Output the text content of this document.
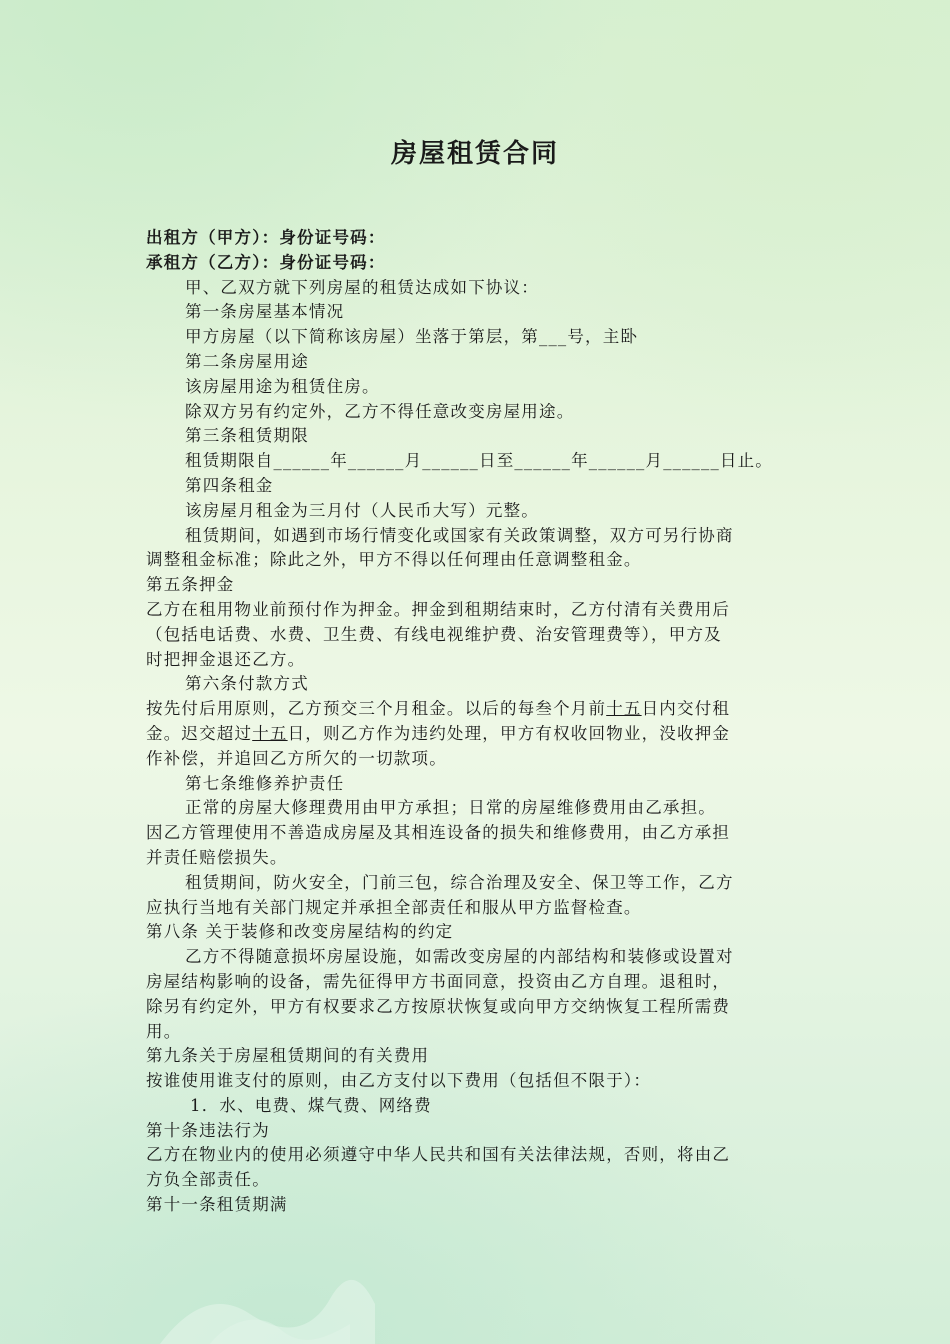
房屋租赁合同
出租方（甲方）：身份证号码：
承租方（乙方）：身份证号码：
甲、乙双方就下列房屋的租赁达成如下协议：
第一条房屋基本情况
甲方房屋（以下简称该房屋）坐落于第层，第___号，主卧
第二条房屋用途
该房屋用途为租赁住房。
除双方另有约定外，乙方不得任意改变房屋用途。
第三条租赁期限
租赁期限自______年______月______日至______年______月______日止。
第四条租金
该房屋月租金为三月付（人民币大写）元整。
租赁期间，如遇到市场行情变化或国家有关政策调整，双方可另行协商
调整租金标准；除此之外，甲方不得以任何理由任意调整租金。
第五条押金
乙方在租用物业前预付作为押金。押金到租期结束时，乙方付清有关费用后
（包括电话费、水费、卫生费、有线电视维护费、治安管理费等），甲方及
时把押金退还乙方。
第六条付款方式
按先付后用原则，乙方预交三个月租金。以后的每叁个月前十五日内交付租
金。迟交超过十五日，则乙方作为违约处理，甲方有权收回物业，没收押金
作补偿，并追回乙方所欠的一切款项。
第七条维修养护责任
正常的房屋大修理费用由甲方承担；日常的房屋维修费用由乙承担。
因乙方管理使用不善造成房屋及其相连设备的损失和维修费用，由乙方承担
并责任赔偿损失。
租赁期间，防火安全，门前三包，综合治理及安全、保卫等工作，乙方
应执行当地有关部门规定并承担全部责任和服从甲方监督检查。
第八条 关于装修和改变房屋结构的约定
乙方不得随意损坏房屋设施，如需改变房屋的内部结构和装修或设置对
房屋结构影响的设备，需先征得甲方书面同意，投资由乙方自理。退租时，
除另有约定外，甲方有权要求乙方按原状恢复或向甲方交纳恢复工程所需费
用。
第九条关于房屋租赁期间的有关费用
按谁使用谁支付的原则，由乙方支付以下费用（包括但不限于）：
1．水、电费、煤气费、网络费
第十条违法行为
乙方在物业内的使用必须遵守中华人民共和国有关法律法规，否则，将由乙
方负全部责任。
第十一条租赁期满
